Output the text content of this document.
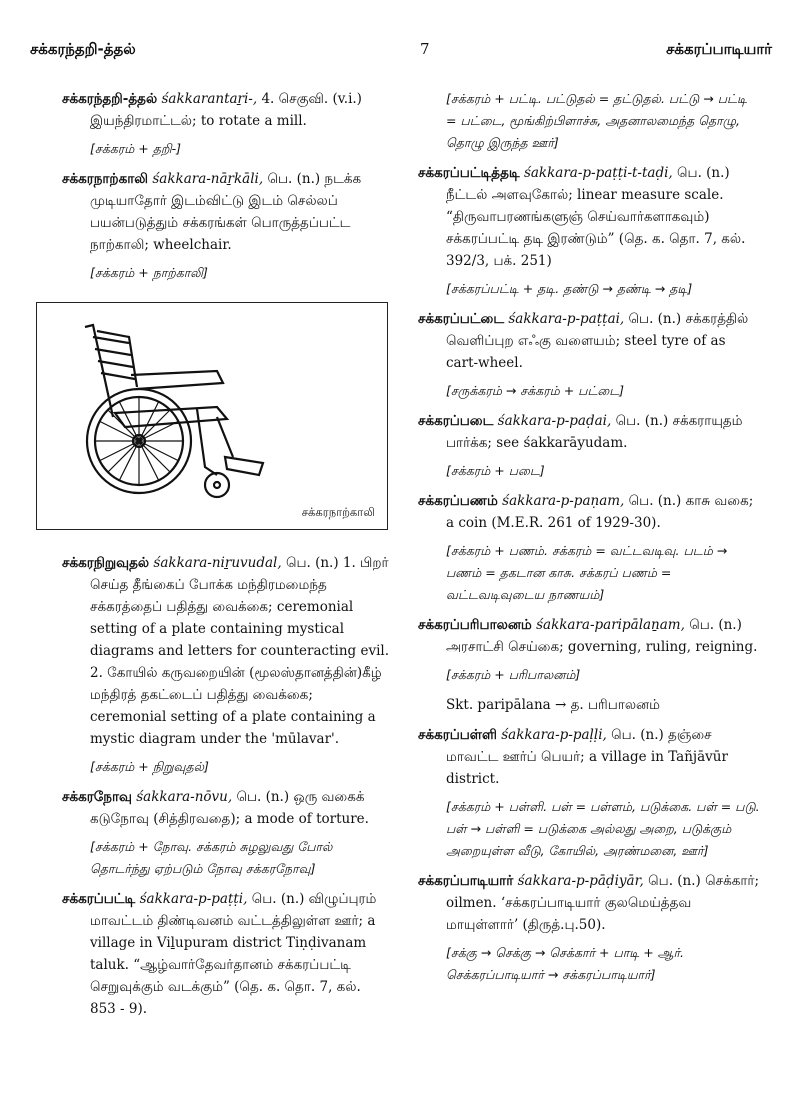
சக்கரந்தறி-த்தல்	7	சக்கரப்பாடியார்
சக்கரந்தறி-த்தல் śakkarantaṟi-, 4. செகுவி. (v.i.) இயந்திரமாட்டல்; to rotate a mill.
[சக்கரம் + தறி-]
சக்கரநாற்காலி śakkara-nāṟkāli, பெ. (n.) நடக்க முடியாதோர் இடம்விட்டு இடம் செல்லப் பயன்படுத்தும் சக்கரங்கள் பொருத்தப்பட்ட நாற்காலி; wheelchair.
[சக்கரம் + நாற்காலி]
சக்கரநாற்காலி
சக்கரநிறுவுதல் śakkara-niṟuvudal, பெ. (n.) 1. பிறர் செய்த தீங்கைப் போக்க மந்திரமமைந்த சக்கரத்தைப் பதித்து வைக்கை; ceremonial setting of a plate containing mystical diagrams and letters for counteracting evil. 2. கோயில் கருவறையின் (மூலஸ்தானத்தின்)கீழ் மந்திரத் தகட்டைப் பதித்து வைக்கை; ceremonial setting of a plate containing a mystic diagram under the 'mūlavar'.
[சக்கரம் + நிறுவுதல்]
சக்கரநோவு śakkara-nōvu, பெ. (n.) ஒரு வகைக் கடுநோவு (சித்திரவதை); a mode of torture.
[சக்கரம் + நோவு. சக்கரம் சுழலுவது போல் தொடர்ந்து ஏற்படும் நோவு சக்கரநோவு]
சக்கரப்பட்டி śakkara-p-paṭṭi, பெ. (n.) விழுப்புரம் மாவட்டம் திண்டிவனம் வட்டத்திலுள்ள ஊர்; a village in Viḻupuram district Tiṇḍivanam taluk. “ஆழ்வார்தேவர்தானம் சக்கரப்பட்டி செறுவுக்கும் வடக்கும்” (தெ. க. தொ. 7, கல். 853 - 9).
[சக்கரம் + பட்டி. பட்டுதல் = தட்டுதல். பட்டு → பட்டி = பட்டை, மூங்கிற்பிளாச்சு, அதனாலமைந்த தொழு, தொழு இருந்த ஊர்]
சக்கரப்பட்டித்தடி śakkara-p-paṭṭi-t-taḍi, பெ. (n.) நீட்டல் அளவுகோல்; linear measure scale. “திருவாபரணங்களுஞ் செய்வார்களாகவும்) சக்கரப்பட்டி தடி இரண்டும்” (தெ. க. தொ. 7, கல். 392/3, பக். 251)
[சக்கரப்பட்டி + தடி. தண்டு → தண்டி → தடி]
சக்கரப்பட்டை śakkara-p-paṭṭai, பெ. (n.) சக்கரத்தில் வெளிப்புற எஃகு வளையம்; steel tyre of as cart-wheel.
[சருக்கரம் → சக்கரம் + பட்டை]
சக்கரப்படை śakkara-p-paḍai, பெ. (n.) சக்கராயுதம் பார்க்க; see śakkarāyudam.
[சக்கரம் + படை]
சக்கரப்பணம் śakkara-p-paṇam, பெ. (n.) காசு வகை; a coin (M.E.R. 261 of 1929-30).
[சக்கரம் + பணம். சக்கரம் = வட்டவடிவு. படம் → பணம் = தகடான காசு. சக்கரப் பணம் = வட்டவடிவுடைய நாணயம்]
சக்கரப்பரிபாலனம் śakkara-paripālaṉam, பெ. (n.) அரசாட்சி செய்கை; governing, ruling, reigning.
[சக்கரம் + பரிபாலனம்]
Skt. paripālana → த. பரிபாலனம்
சக்கரப்பள்ளி śakkara-p-paḷḷi, பெ. (n.) தஞ்சை மாவட்ட ஊர்ப் பெயர்; a village in Tañjāvūr district.
[சக்கரம் + பள்ளி. பள் = பள்ளம், படுக்கை. பள் = படு. பள் → பள்ளி = படுக்கை அல்லது அறை, படுக்கும் அறையுள்ள வீடு, கோயில், அரண்மனை, ஊர்]
சக்கரப்பாடியார் śakkara-p-pāḍiyār, பெ. (n.) செக்கார்; oilmen. ‘சக்கரப்பாடியார் குலமெய்த்தவ மாயுள்ளார்’ (திருத்.பு.50).
[சக்கு → செக்கு → செக்கார் + பாடி + ஆர். செக்கரப்பாடியார் → சக்கரப்பாடியார்]
